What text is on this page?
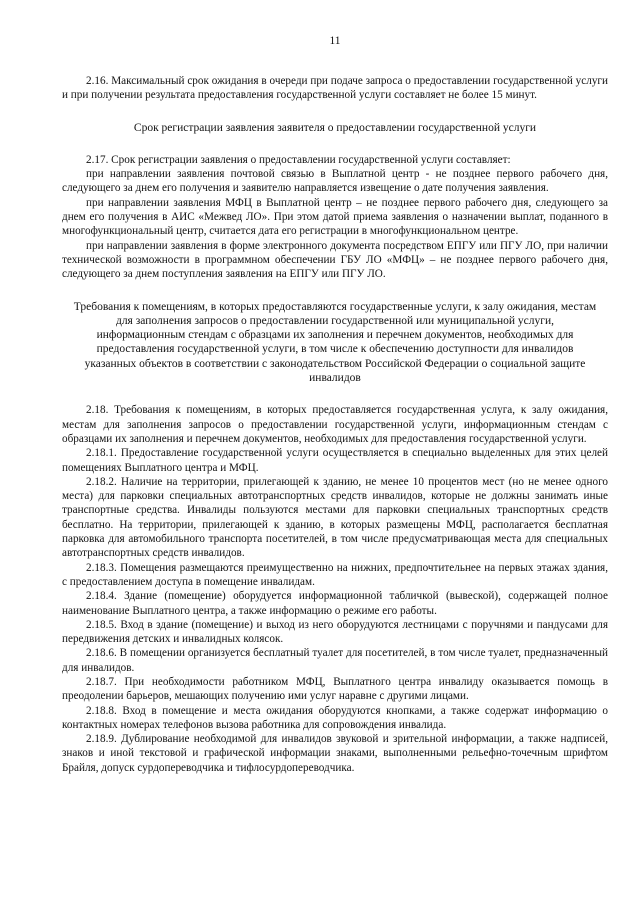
11

2.16. Максимальный срок ожидания в очереди при подаче запроса о предоставлении государственной услуги и при получении результата предоставления государственной услуги составляет не более 15 минут.

Срок регистрации заявления заявителя о предоставлении государственной услуги

2.17. Срок регистрации заявления о предоставлении государственной услуги составляет:

при направлении заявления почтовой связью в Выплатной центр - не позднее первого рабочего дня, следующего за днем его получения и заявителю направляется извещение о дате получения заявления.

при направлении заявления МФЦ в Выплатной центр – не позднее первого рабочего дня, следующего за днем его получения в АИС «Межвед ЛО». При этом датой приема заявления о назначении выплат, поданного в многофункциональный центр, считается дата его регистрации в многофункциональном центре.

при направлении заявления в форме электронного документа посредством ЕПГУ или ПГУ ЛО, при наличии технической возможности в программном обеспечении ГБУ ЛО «МФЦ» – не позднее первого рабочего дня, следующего за днем поступления заявления на ЕПГУ или ПГУ ЛО.

Требования к помещениям, в которых предоставляются государственные услуги, к залу ожидания, местам для заполнения запросов о предоставлении государственной или муниципальной услуги, информационным стендам с образцами их заполнения и перечнем документов, необходимых для предоставления государственной услуги, в том числе к обеспечению доступности для инвалидов указанных объектов в соответствии с законодательством Российской Федерации о социальной защите инвалидов

2.18. Требования к помещениям, в которых предоставляется государственная услуга, к залу ожидания, местам для заполнения запросов о предоставлении государственной услуги, информационным стендам с образцами их заполнения и перечнем документов, необходимых для предоставления государственной услуги.

2.18.1. Предоставление государственной услуги осуществляется в специально выделенных для этих целей помещениях Выплатного центра и МФЦ.

2.18.2. Наличие на территории, прилегающей к зданию, не менее 10 процентов мест (но не менее одного места) для парковки специальных автотранспортных средств инвалидов, которые не должны занимать иные транспортные средства. Инвалиды пользуются местами для парковки специальных транспортных средств бесплатно. На территории, прилегающей к зданию, в которых размещены МФЦ, располагается бесплатная парковка для автомобильного транспорта посетителей, в том числе предусматривающая места для специальных автотранспортных средств инвалидов.

2.18.3. Помещения размещаются преимущественно на нижних, предпочтительнее на первых этажах здания, с предоставлением доступа в помещение инвалидам.

2.18.4. Здание (помещение) оборудуется информационной табличкой (вывеской), содержащей полное наименование Выплатного центра, а также информацию о режиме его работы.

2.18.5. Вход в здание (помещение) и выход из него оборудуются лестницами с поручнями и пандусами для передвижения детских и инвалидных колясок.

2.18.6. В помещении организуется бесплатный туалет для посетителей, в том числе туалет, предназначенный для инвалидов.

2.18.7. При необходимости работником МФЦ, Выплатного центра инвалиду оказывается помощь в преодолении барьеров, мешающих получению ими услуг наравне с другими лицами.

2.18.8. Вход в помещение и места ожидания оборудуются кнопками, а также содержат информацию о контактных номерах телефонов вызова работника для сопровождения инвалида.

2.18.9. Дублирование необходимой для инвалидов звуковой и зрительной информации, а также надписей, знаков и иной текстовой и графической информации знаками, выполненными рельефно-точечным шрифтом Брайля, допуск сурдопереводчика и тифлосурдопереводчика.
